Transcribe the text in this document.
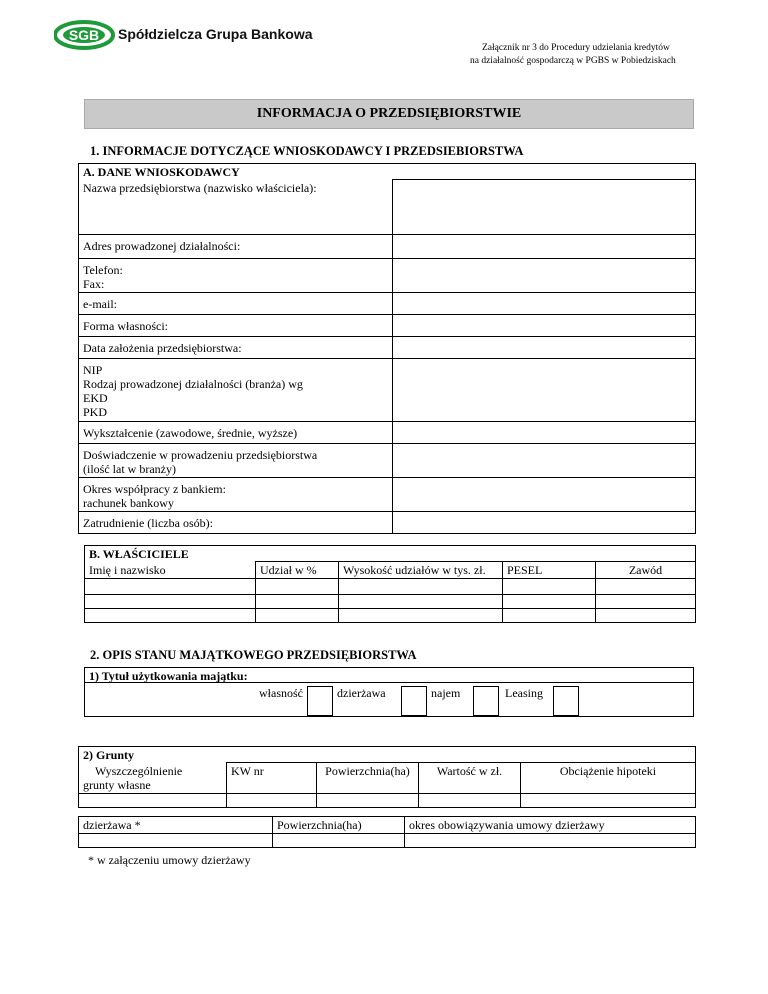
SGB Spółdzielcza Grupa Bankowa
Załącznik nr 3 do Procedury udzielania kredytów
na działalność gospodarczą w PGBS w Pobiedziskach
INFORMACJA O PRZEDSIĘBIORSTWIE
1. INFORMACJE DOTYCZĄCE WNIOSKODAWCY I PRZEDSIEBIORSTWA
A. DANE WNIOSKODAWCY	
Nazwa przedsiębiorstwa (nazwisko właściciela):	
Adres prowadzonej działalności:	
Telefon:
Fax:	
e-mail:	
Forma własności:	
Data założenia przedsiębiorstwa:	
NIP
Rodzaj prowadzonej działalności (branża) wg
EKD
PKD	
Wykształcenie (zawodowe, średnie, wyższe)	
Doświadczenie w prowadzeniu przedsiębiorstwa
(ilość lat w branży)	
Okres współpracy z bankiem:
rachunek bankowy	
Zatrudnienie (liczba osób):	
B. WŁAŚCICIELE				
Imię i nazwisko	Udział w %	Wysokość udziałów w tys. zł.	PESEL	Zawód

2. OPIS STANU MAJĄTKOWEGO PRZEDSIĘBIORSTWA
1) Tytuł użytkowania majątku:
własność	dzierżawa	najem	Leasing
2) Grunty				

Wyszczególnienie
grunty własne	KW nr	Powierzchnia(ha)	Wartość w zł.	Obciążenie hipoteki

dzierżawa *	Powierzchnia(ha)	okres obowiązywania umowy dzierżawy

* w załączeniu umowy dzierżawy
